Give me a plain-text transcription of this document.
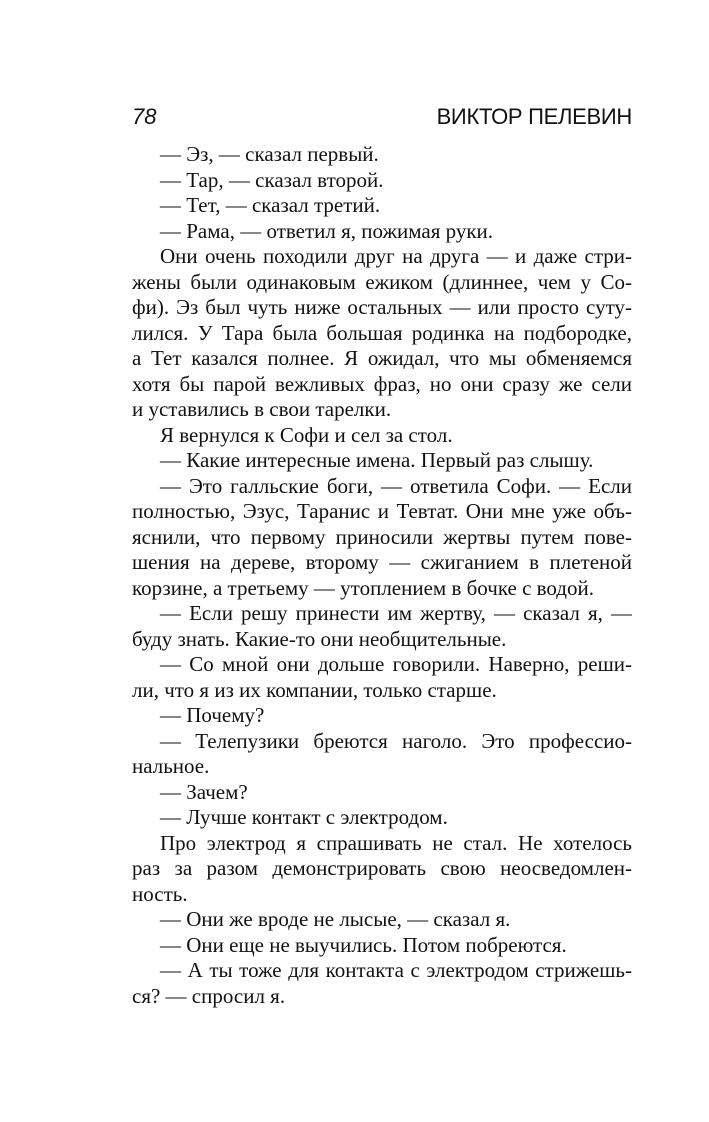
78	ВИКТОР ПЕЛЕВИН
— Эз, — сказал первый.
— Тар, — сказал второй.
— Тет, — сказал третий.
— Рама, — ответил я, пожимая руки.
Они очень походили друг на друга — и даже стри-
жены были одинаковым ежиком (длиннее, чем у Со-
фи). Эз был чуть ниже остальных — или просто суту-
лился. У Тара была большая родинка на подбородке,
а Тет казался полнее. Я ожидал, что мы обменяемся
хотя бы парой вежливых фраз, но они сразу же сели
и уставились в свои тарелки.
Я вернулся к Софи и сел за стол.
— Какие интересные имена. Первый раз слышу.
— Это галльские боги, — ответила Софи. — Если
полностью, Эзус, Таранис и Тевтат. Они мне уже объ-
яснили, что первому приносили жертвы путем пове-
шения на дереве, второму — сжиганием в плетеной
корзине, а третьему — утоплением в бочке с водой.
— Если решу принести им жертву, — сказал я, —
буду знать. Какие-то они необщительные.
— Со мной они дольше говорили. Наверно, реши-
ли, что я из их компании, только старше.
— Почему?
— Телепузики бреются наголо. Это профессио-
нальное.
— Зачем?
— Лучше контакт с электродом.
Про электрод я спрашивать не стал. Не хотелось
раз за разом демонстрировать свою неосведомлен-
ность.
— Они же вроде не лысые, — сказал я.
— Они еще не выучились. Потом побреются.
— А ты тоже для контакта с электродом стрижешь-
ся? — спросил я.
